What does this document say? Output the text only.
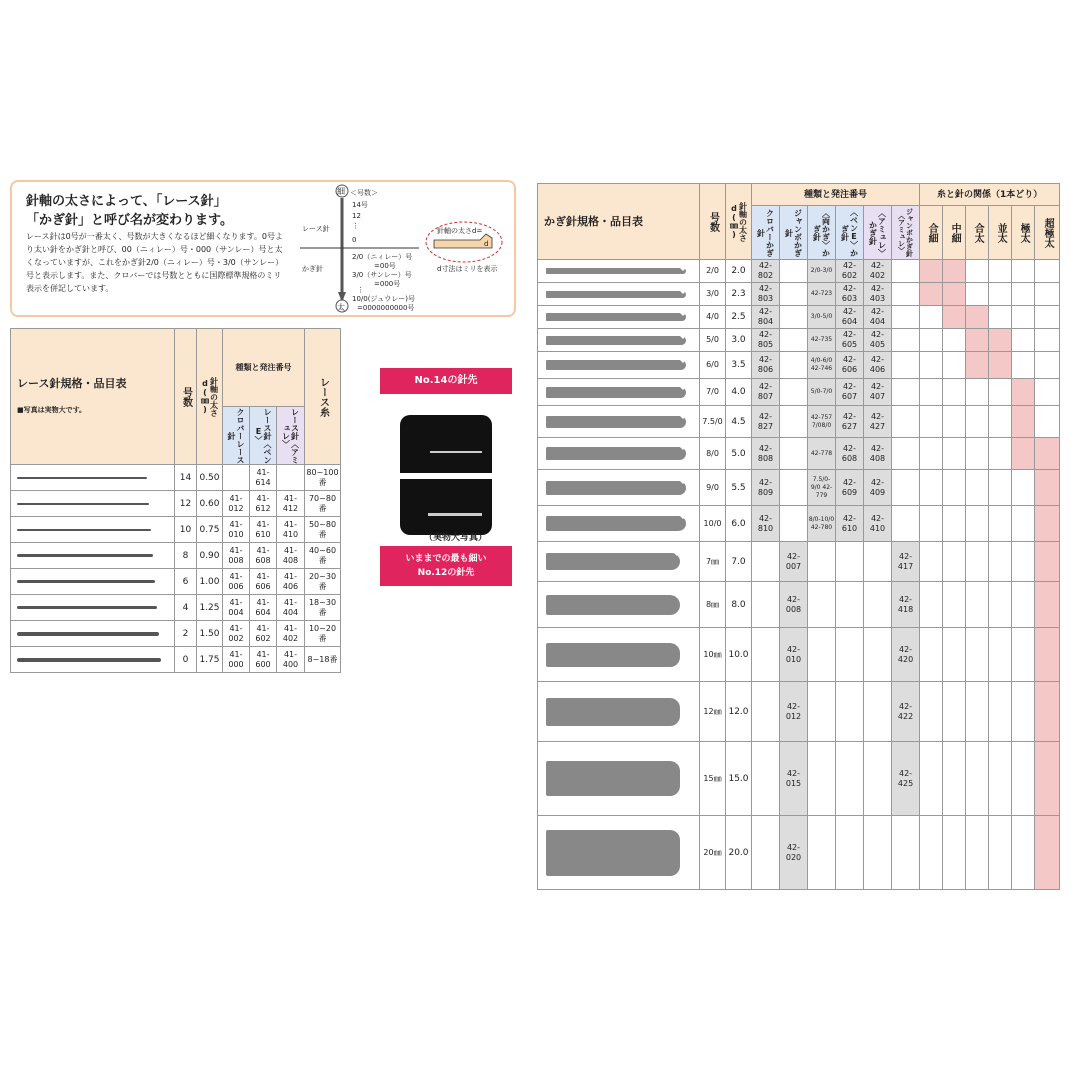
針軸の太さによって、「レース針」
「かぎ針」と呼び名が変わります。
レース針は0号が一番太く、号数が大きくなるほど細くなります。0号より太い針をかぎ針と呼び、00（ニィレー）号・000（サンレー）号と太くなっていますが、これをかぎ針2/0（ニィレー）号・3/0（サンレー）号と表示します。また、クロバーでは号数とともに国際標準規格のミリ表示を併記しています。
細
太
＜号数＞
レース針
かぎ針
14号
12
⋮
0
2/0（ニィレー）号
=00号
3/0（サンレー）号
=000号
⋮
10/0(ジュウレー)号
=0000000000号
針軸の太さd=
d
d寸法はミリを表示
レース針規格・品目表
■写真は実物大です。	号数	針軸の太さd(㎜)	種類と発注番号			レース糸

			クロバーレース針	レース針〈ペンE〉	レース針〈アミュレ〉	

	14	0.50		41-614		80~100番

	12	0.60	41-012	41-612	41-412	70~80番

	10	0.75	41-010	41-610	41-410	50~80番

	8	0.90	41-008	41-608	41-408	40~60番

	6	1.00	41-006	41-606	41-406	20~30番

	4	1.25	41-004	41-604	41-404	18~30番

	2	1.50	41-002	41-602	41-402	10~20番

	0	1.75	41-000	41-600	41-400	8~18番
No.14の針先
（実物大写真）
いままでの最も細い
No.12の針先
かぎ針規格・品目表	号数	針軸の太さd(㎜)	種類と発注番号						糸と針の関係（1本どり）					

			クロバーかぎ針	ジャンボかぎ針	〈両かぎ〉かぎ針	〈ペンE〉かぎ針	〈アミュレ〉かぎ針	ジャンボかぎ針〈アミュレ〉	合細	中細	合太	並太	極太	超極太

	2/0	2.0	42-802		2/0-3/0	42-602	42-402							

	3/0	2.3	42-803		42-723	42-603	42-403							

	4/0	2.5	42-804		3/0-5/0	42-604	42-404							

	5/0	3.0	42-805		42-735	42-605	42-405							

	6/0	3.5	42-806		4/0-6/0 42-746	42-606	42-406							

	7/0	4.0	42-807		5/0-7/0	42-607	42-407							

	7.5/0	4.5	42-827		42-757 7/08/0	42-627	42-427							

	8/0	5.0	42-808		42-778	42-608	42-408							

	9/0	5.5	42-809		7.5/0-9/0 42-779	42-609	42-409							

	10/0	6.0	42-810		8/0-10/0 42-780	42-610	42-410							

	7㎜	7.0		42-007				42-417						

	8㎜	8.0		42-008				42-418						

	10㎜	10.0		42-010				42-420						

	12㎜	12.0		42-012				42-422						

	15㎜	15.0		42-015				42-425						

	20㎜	20.0		42-020										
